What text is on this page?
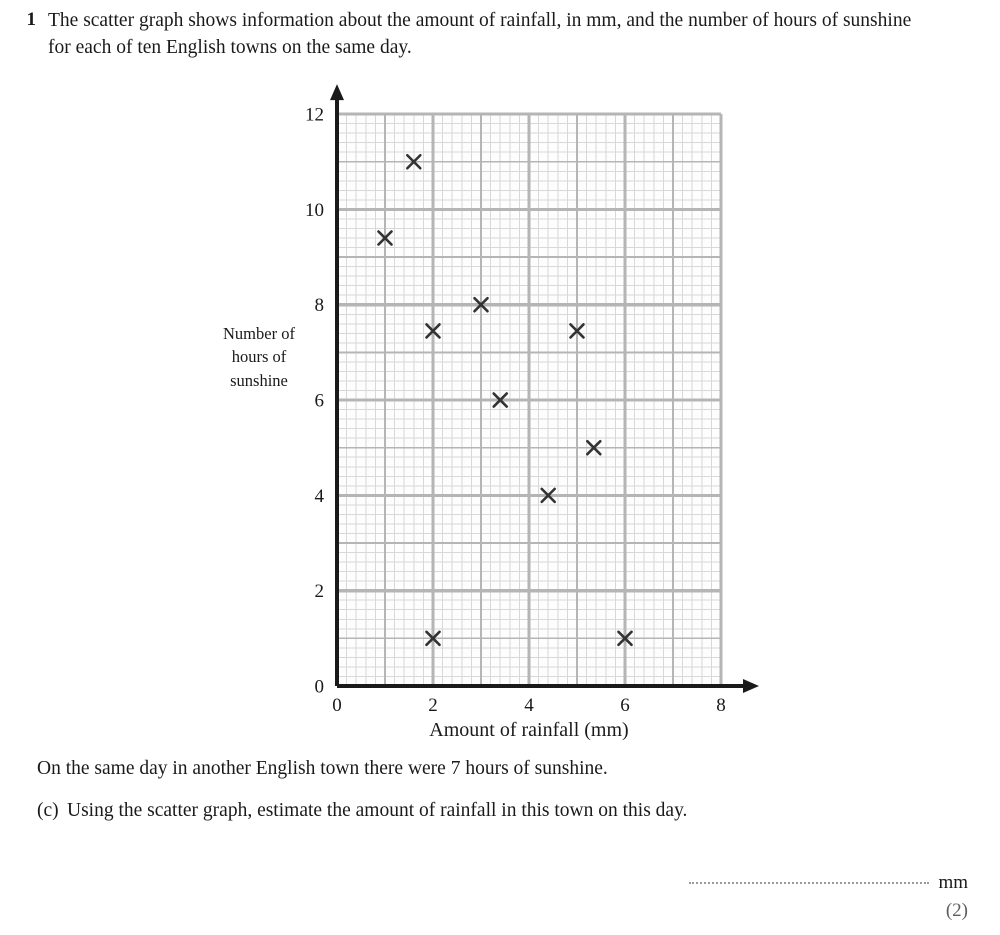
1 The scatter graph shows information about the amount of rainfall, in mm, and the number of hours of sunshine for each of ten English towns on the same day.
0
2
4
6
8
10
12
0	2	4	6	8
Number of
hours of
sunshine
Amount of rainfall (mm)
On the same day in another English town there were 7 hours of sunshine.
(c) Using the scatter graph, estimate the amount of rainfall in this town on this day.
mm
(2)
